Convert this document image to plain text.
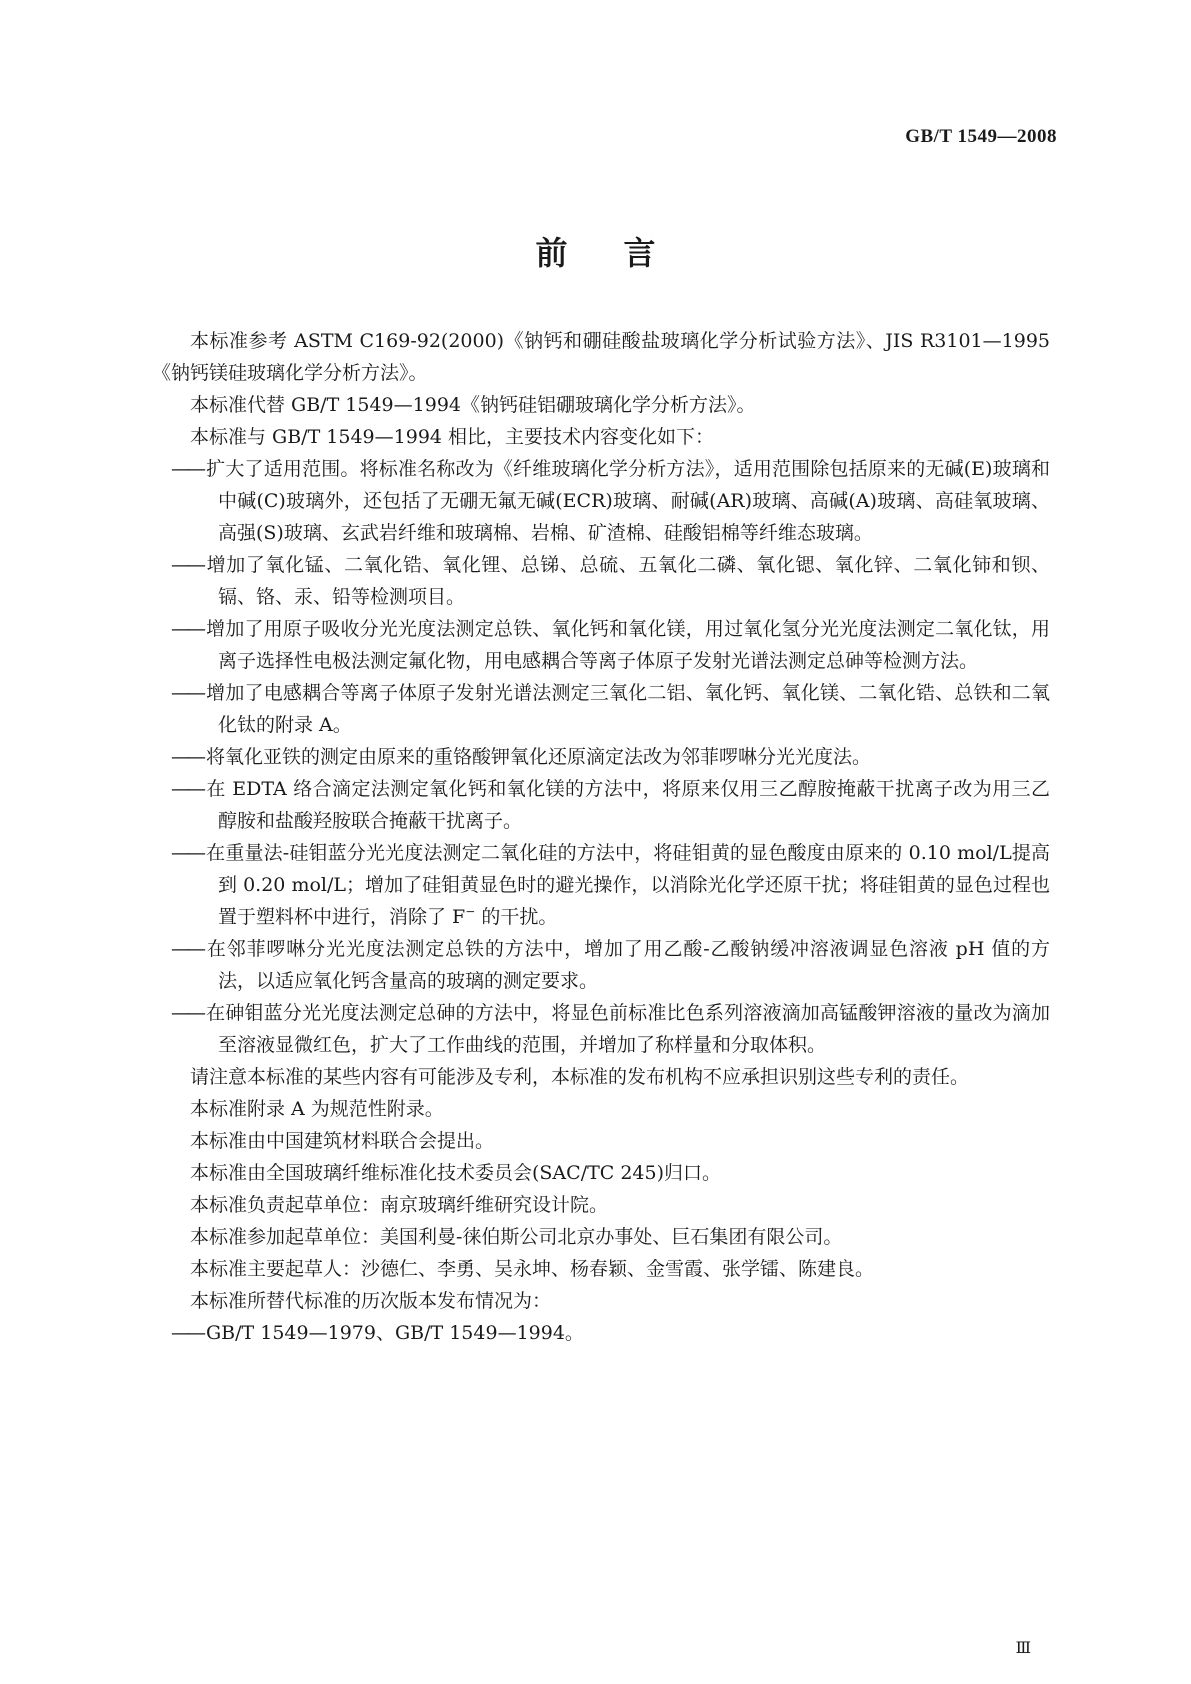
GB/T 1549—2008
前言

本标准参考 ASTM C169-92(2000)《钠钙和硼硅酸盐玻璃化学分析试验方法》、JIS R3101—1995《钠钙镁硅玻璃化学分析方法》。

本标准代替 GB/T 1549—1994《钠钙硅铝硼玻璃化学分析方法》。

本标准与 GB/T 1549—1994 相比，主要技术内容变化如下：

—— 扩大了适用范围。将标准名称改为《纤维玻璃化学分析方法》，适用范围除包括原来的无碱(E)玻璃和中碱(C)玻璃外，还包括了无硼无氟无碱(ECR)玻璃、耐碱(AR)玻璃、高碱(A)玻璃、高硅氧玻璃、高强(S)玻璃、玄武岩纤维和玻璃棉、岩棉、矿渣棉、硅酸铝棉等纤维态玻璃。

—— 增加了氧化锰、二氧化锆、氧化锂、总锑、总硫、五氧化二磷、氧化锶、氧化锌、二氧化铈和钡、镉、铬、汞、铅等检测项目。

—— 增加了用原子吸收分光光度法测定总铁、氧化钙和氧化镁，用过氧化氢分光光度法测定二氧化钛，用离子选择性电极法测定氟化物，用电感耦合等离子体原子发射光谱法测定总砷等检测方法。

—— 增加了电感耦合等离子体原子发射光谱法测定三氧化二铝、氧化钙、氧化镁、二氧化锆、总铁和二氧化钛的附录 A。

—— 将氧化亚铁的测定由原来的重铬酸钾氧化还原滴定法改为邻菲啰啉分光光度法。

—— 在 EDTA 络合滴定法测定氧化钙和氧化镁的方法中，将原来仅用三乙醇胺掩蔽干扰离子改为用三乙醇胺和盐酸羟胺联合掩蔽干扰离子。

—— 在重量法-硅钼蓝分光光度法测定二氧化硅的方法中，将硅钼黄的显色酸度由原来的 0.10 mol/L提高到 0.20 mol/L；增加了硅钼黄显色时的避光操作，以消除光化学还原干扰；将硅钼黄的显色过程也置于塑料杯中进行，消除了 F− 的干扰。

—— 在邻菲啰啉分光光度法测定总铁的方法中，增加了用乙酸-乙酸钠缓冲溶液调显色溶液 pH 值的方法，以适应氧化钙含量高的玻璃的测定要求。

—— 在砷钼蓝分光光度法测定总砷的方法中，将显色前标准比色系列溶液滴加高锰酸钾溶液的量改为滴加至溶液显微红色，扩大了工作曲线的范围，并增加了称样量和分取体积。

请注意本标准的某些内容有可能涉及专利，本标准的发布机构不应承担识别这些专利的责任。

本标准附录 A 为规范性附录。

本标准由中国建筑材料联合会提出。

本标准由全国玻璃纤维标准化技术委员会(SAC/TC 245)归口。

本标准负责起草单位：南京玻璃纤维研究设计院。

本标准参加起草单位：美国利曼-徕伯斯公司北京办事处、巨石集团有限公司。

本标准主要起草人：沙德仁、李勇、吴永坤、杨春颖、金雪霞、张学镭、陈建良。

本标准所替代标准的历次版本发布情况为：

—— GB/T 1549—1979、GB/T 1549—1994。

Ⅲ
